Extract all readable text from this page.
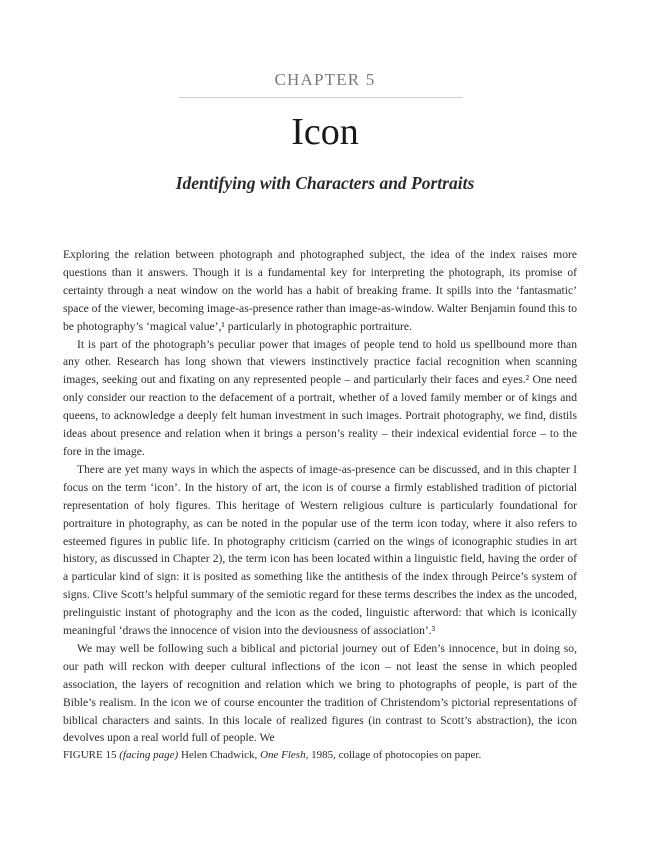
CHAPTER 5
Icon
Identifying with Characters and Portraits

Exploring the relation between photograph and photographed subject, the idea of the index raises more questions than it answers. Though it is a fundamental key for interpreting the photograph, its promise of certainty through a neat window on the world has a habit of breaking frame. It spills into the ‘fantasmatic’ space of the viewer, becoming image-as-presence rather than image-as-window. Walter Benjamin found this to be photography’s ‘magical value’,¹ particularly in photographic portraiture.

It is part of the photograph’s peculiar power that images of people tend to hold us spellbound more than any other. Research has long shown that viewers instinctively practice facial recognition when scanning images, seeking out and fixating on any represented people – and particularly their faces and eyes.² One need only consider our reaction to the defacement of a portrait, whether of a loved family member or of kings and queens, to acknowledge a deeply felt human investment in such images. Portrait photography, we find, distils ideas about presence and relation when it brings a person’s reality – their indexical evidential force – to the fore in the image.

There are yet many ways in which the aspects of image-as-presence can be discussed, and in this chapter I focus on the term ‘icon’. In the history of art, the icon is of course a firmly established tradition of pictorial representation of holy figures. This heritage of Western religious culture is particularly foundational for portraiture in photography, as can be noted in the popular use of the term icon today, where it also refers to esteemed figures in public life. In photography criticism (carried on the wings of iconographic studies in art history, as discussed in Chapter 2), the term icon has been located within a linguistic field, having the order of a particular kind of sign: it is posited as something like the antithesis of the index through Peirce’s system of signs. Clive Scott’s helpful summary of the semiotic regard for these terms describes the index as the uncoded, prelinguistic instant of photography and the icon as the coded, linguistic afterword: that which is iconically meaningful ‘draws the innocence of vision into the deviousness of association’.³

We may well be following such a biblical and pictorial journey out of Eden’s innocence, but in doing so, our path will reckon with deeper cultural inflections of the icon – not least the sense in which peopled association, the layers of recognition and relation which we bring to photographs of people, is part of the Bible’s realism. In the icon we of course encounter the tradition of Christendom’s pictorial representations of biblical characters and saints. In this locale of realized figures (in contrast to Scott’s abstraction), the icon devolves upon a real world full of people. We

FIGURE 15 (facing page) Helen Chadwick, One Flesh, 1985, collage of photocopies on paper.
